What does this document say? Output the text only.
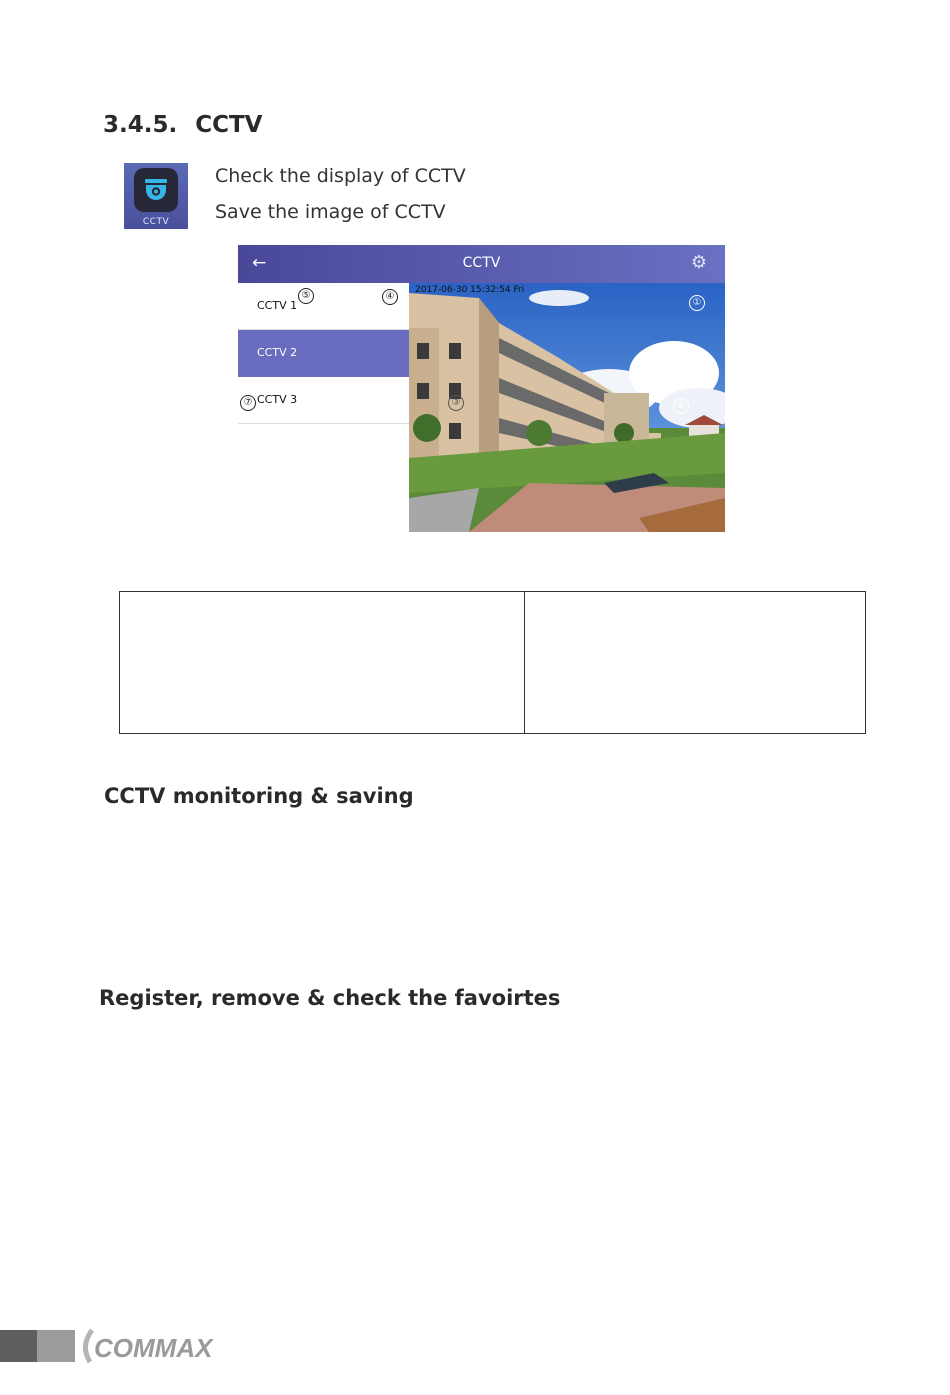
3.4.5. CCTV
CCTV
Check the display of CCTV
Save the image of CCTV
←	CCTV	⚙
CCTV 1
⑤	④
CCTV 2
⑦ CCTV 3
2017-06-30 15:32:54 Fri
①
②
③

CCTV monitoring & saving
Register, remove & check the favoirtes
COMMAX
